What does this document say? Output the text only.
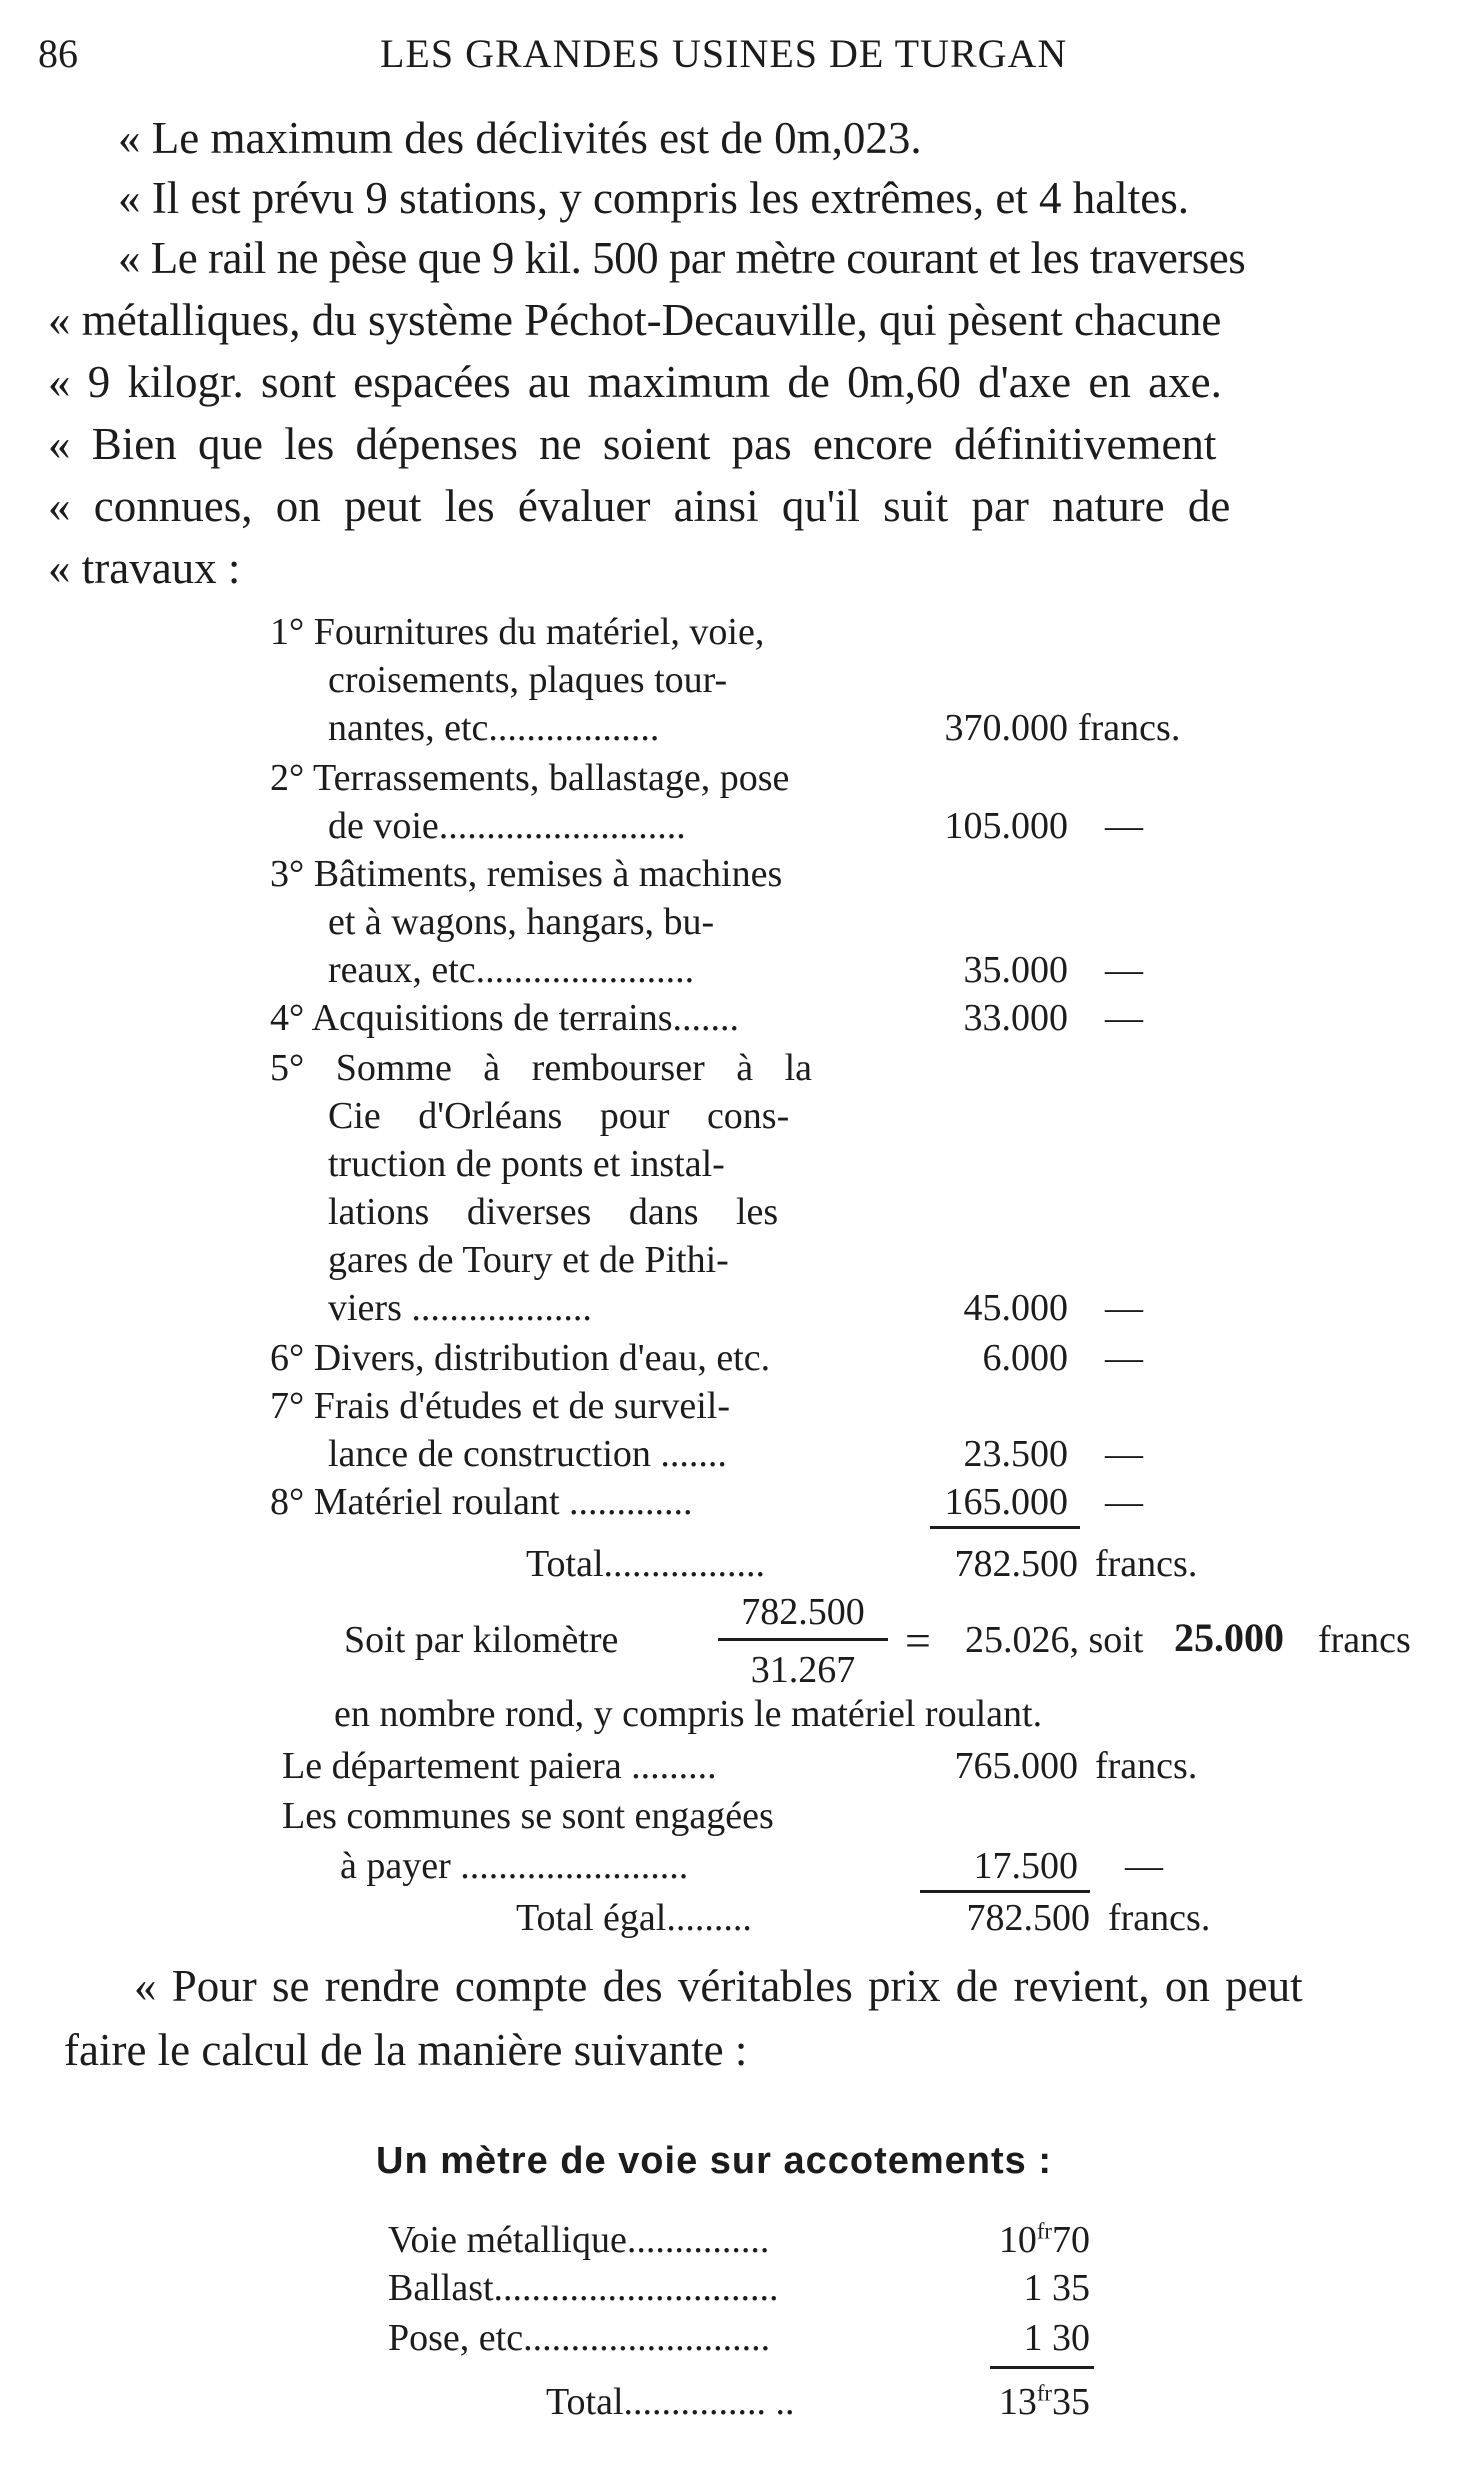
86	LES GRANDES USINES DE TURGAN
« Le maximum des déclivités est de 0m,023.
« Il est prévu 9 stations, y compris les extrêmes, et 4 haltes.
« Le rail ne pèse que 9 kil. 500 par mètre courant et les traverses
« métalliques, du système Péchot-Decauville, qui pèsent chacune
« 9 kilogr. sont espacées au maximum de 0m,60 d'axe en axe.
« Bien que les dépenses ne soient pas encore définitivement
« connues, on peut les évaluer ainsi qu'il suit par nature de
« travaux :
1° Fournitures du matériel, voie,
croisements, plaques tour-
nantes, etc..................	370.000 francs.
2° Terrassements, ballastage, pose
de voie..........................	105.000 —
3° Bâtiments, remises à machines
et à wagons, hangars, bu-
reaux, etc.......................	35.000 —
4° Acquisitions de terrains.......	33.000 —
5° Somme à rembourser à la
Cie d'Orléans pour cons-
truction de ponts et instal-
lations diverses dans les
gares de Toury et de Pithi-
viers ...................	45.000 —
6° Divers, distribution d'eau, etc.	6.000 —
7° Frais d'études et de surveil-
lance de construction .......	23.500 —
8° Matériel roulant .............	165.000 —
Total.................	782.500 francs.
Soit par kilomètre
782.500
31.267
= 25.026, soit 25.000 francs
en nombre rond, y compris le matériel roulant.
Le département paiera .........	765.000 francs.
Les communes se sont engagées
à payer ........................	17.500 —
Total égal.........	782.500 francs.
« Pour se rendre compte des véritables prix de revient, on peut
faire le calcul de la manière suivante :
Un mètre de voie sur accotements :
Voie métallique...............	$10^{fr}70$
Ballast..............................	1 35
Pose, etc..........................	1 30
Total............... ..	$13^{fr}35$
